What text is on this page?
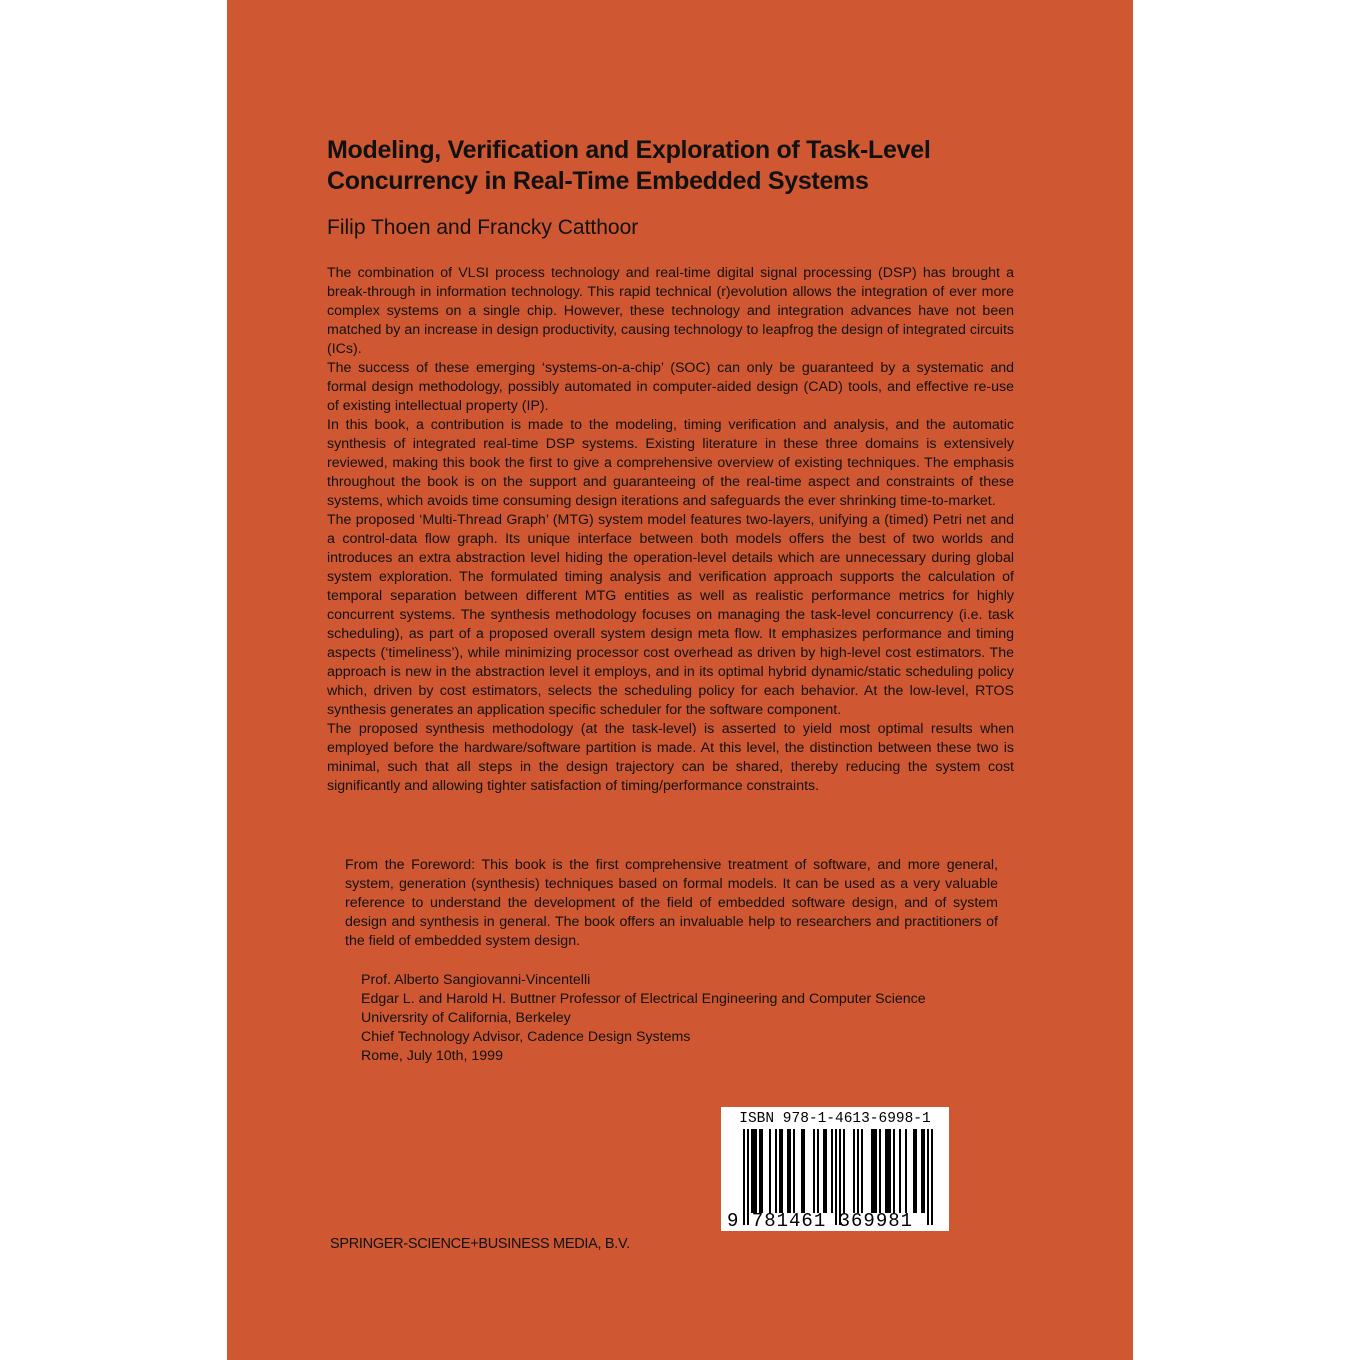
Modeling, Verification and Exploration of Task-Level Concurrency in Real-Time Embedded Systems
Filip Thoen and Francky Catthoor

The combination of VLSI process technology and real-time digital signal processing (DSP) has brought a break-through in information technology. This rapid technical (r)evolution allows the integration of ever more complex systems on a single chip. However, these technology and integration advances have not been matched by an increase in design productivity, causing technology to leapfrog the design of integrated circuits (ICs).

The success of these emerging ‘systems-on-a-chip’ (SOC) can only be guaranteed by a systematic and formal design methodology, possibly automated in computer-aided design (CAD) tools, and effective re-use of existing intellectual property (IP).

In this book, a contribution is made to the modeling, timing verification and analysis, and the automatic synthesis of integrated real-time DSP systems. Existing literature in these three domains is extensively reviewed, making this book the first to give a comprehensive overview of existing techniques. The emphasis throughout the book is on the support and guaranteeing of the real-time aspect and constraints of these systems, which avoids time consuming design iterations and safeguards the ever shrinking time-to-market.

The proposed ‘Multi-Thread Graph’ (MTG) system model features two-layers, unifying a (timed) Petri net and a control-data flow graph. Its unique interface between both models offers the best of two worlds and introduces an extra abstraction level hiding the operation-level details which are unnecessary during global system exploration. The formulated timing analysis and verification approach supports the calculation of temporal separation between different MTG entities as well as realistic performance metrics for highly concurrent systems. The synthesis methodology focuses on managing the task-level concurrency (i.e. task scheduling), as part of a proposed overall system design meta flow. It emphasizes performance and timing aspects (‘timeliness’), while minimizing processor cost overhead as driven by high-level cost estimators. The approach is new in the abstraction level it employs, and in its optimal hybrid dynamic/static scheduling policy which, driven by cost estimators, selects the scheduling policy for each behavior. At the low-level, RTOS synthesis generates an application specific scheduler for the software component.

The proposed synthesis methodology (at the task-level) is asserted to yield most optimal results when employed before the hardware/software partition is made. At this level, the distinction between these two is minimal, such that all steps in the design trajectory can be shared, thereby reducing the system cost significantly and allowing tighter satisfaction of timing/performance constraints.

From the Foreword: This book is the first comprehensive treatment of software, and more general, system, generation (synthesis) techniques based on formal models. It can be used as a very valuable reference to understand the development of the field of embedded software design, and of system design and synthesis in general. The book offers an invaluable help to researchers and practitioners of the field of embedded system design.

Prof. Alberto Sangiovanni-Vincentelli
Edgar L. and Harold H. Buttner Professor of Electrical Engineering and Computer Science
Universrity of California, Berkeley
Chief Technology Advisor, Cadence Design Systems
Rome, July 10th, 1999
ISBN 978-1-4613-6998-1
9 781461 369981
SPRINGER-SCIENCE+BUSINESS MEDIA, B.V.
